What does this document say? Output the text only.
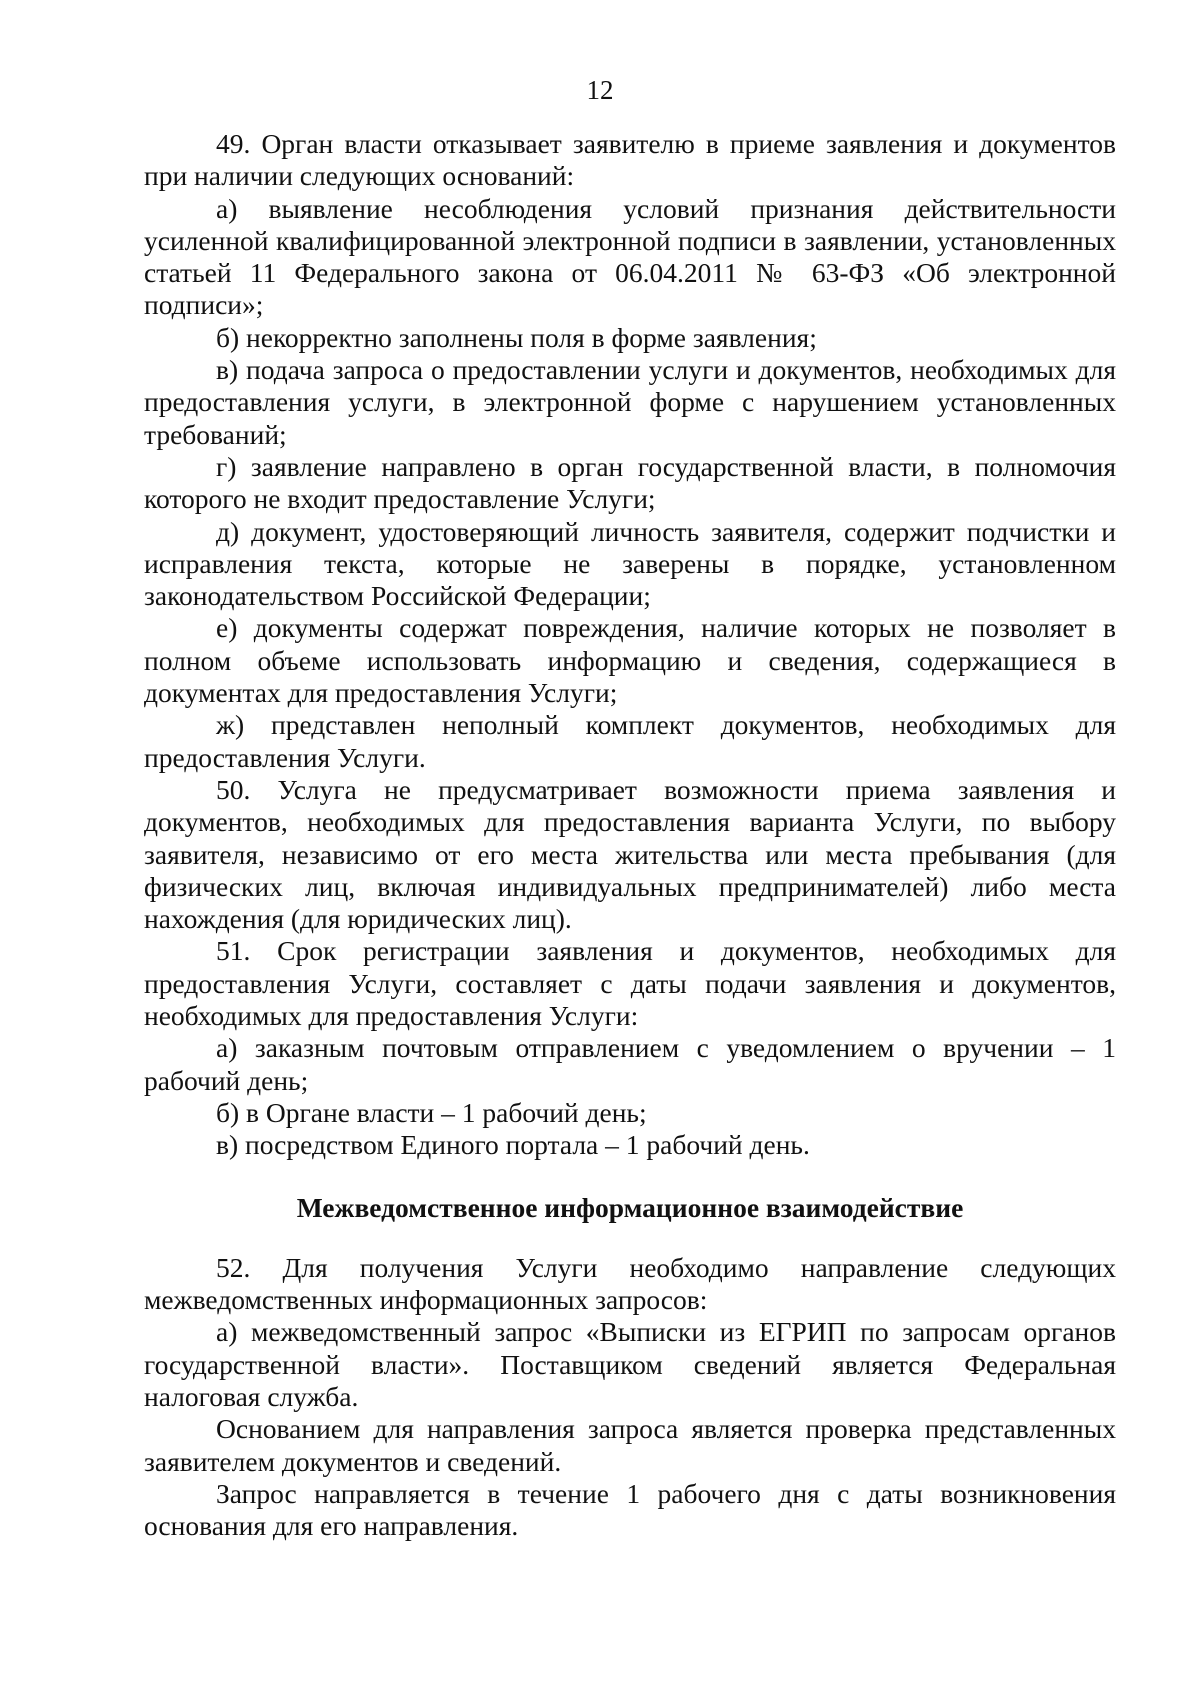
12

49. Орган власти отказывает заявителю в приеме заявления и документов при наличии следующих оснований:

а) выявление несоблюдения условий признания действительности усиленной квалифицированной электронной подписи в заявлении, установленных статьей 11 Федерального закона от 06.04.2011 № 63-ФЗ «Об электронной подписи»;

б) некорректно заполнены поля в форме заявления;

в) подача запроса о предоставлении услуги и документов, необходимых для предоставления услуги, в электронной форме с нарушением установленных требований;

г) заявление направлено в орган государственной власти, в полномочия которого не входит предоставление Услуги;

д) документ, удостоверяющий личность заявителя, содержит подчистки и исправления текста, которые не заверены в порядке, установленном законодательством Российской Федерации;

е) документы содержат повреждения, наличие которых не позволяет в полном объеме использовать информацию и сведения, содержащиеся в документах для предоставления Услуги;

ж) представлен неполный комплект документов, необходимых для предоставления Услуги.

50. Услуга не предусматривает возможности приема заявления и документов, необходимых для предоставления варианта Услуги, по выбору заявителя, независимо от его места жительства или места пребывания (для физических лиц, включая индивидуальных предпринимателей) либо места нахождения (для юридических лиц).

51. Срок регистрации заявления и документов, необходимых для предоставления Услуги, составляет с даты подачи заявления и документов, необходимых для предоставления Услуги:

а) заказным почтовым отправлением с уведомлением о вручении – 1 рабочий день;

б) в Органе власти – 1 рабочий день;

в) посредством Единого портала – 1 рабочий день.

Межведомственное информационное взаимодействие

52. Для получения Услуги необходимо направление следующих межведомственных информационных запросов:

а) межведомственный запрос «Выписки из ЕГРИП по запросам органов государственной власти». Поставщиком сведений является Федеральная налоговая служба.

Основанием для направления запроса является проверка представленных заявителем документов и сведений.

Запрос направляется в течение 1 рабочего дня с даты возникновения основания для его направления.
